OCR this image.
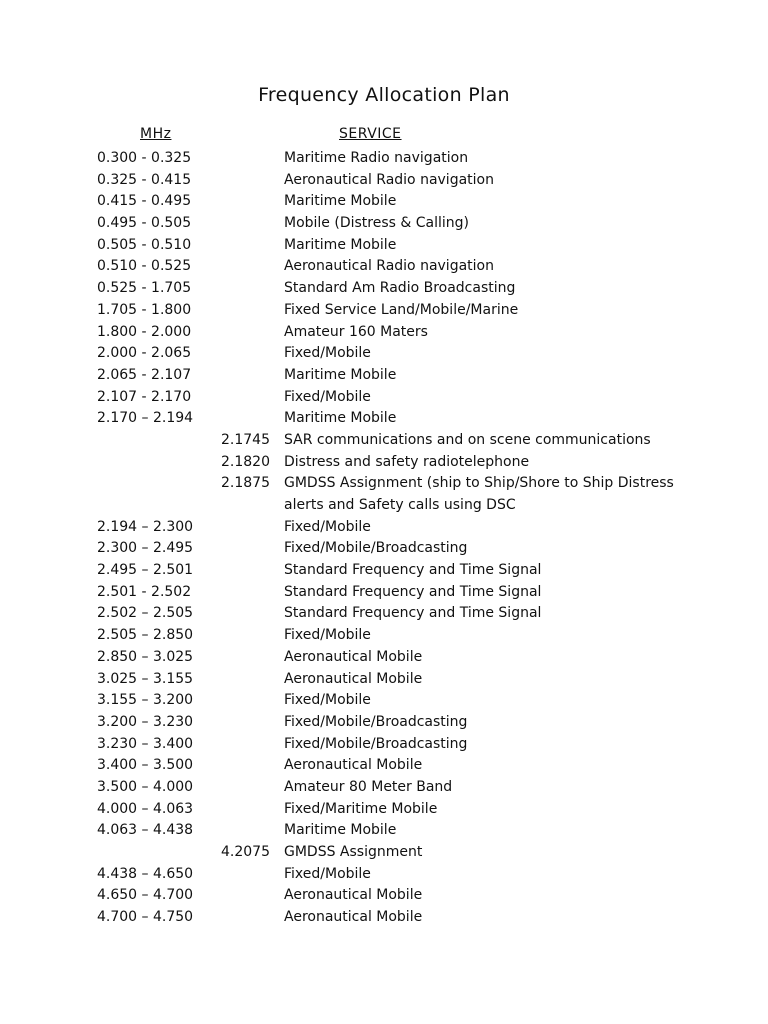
Frequency Allocation Plan
MHz	SERVICE
0.300 - 0.325	Maritime Radio navigation
0.325 - 0.415	Aeronautical Radio navigation
0.415 - 0.495	Maritime Mobile
0.495 - 0.505	Mobile (Distress & Calling)
0.505 - 0.510	Maritime Mobile
0.510 - 0.525	Aeronautical Radio navigation
0.525 - 1.705	Standard Am Radio Broadcasting
1.705 - 1.800	Fixed Service Land/Mobile/Marine
1.800 - 2.000	Amateur 160 Maters
2.000 - 2.065	Fixed/Mobile
2.065 - 2.107	Maritime Mobile
2.107 - 2.170	Fixed/Mobile
2.170 – 2.194	Maritime Mobile
2.1745 SAR communications and on scene communications
2.1820 Distress and safety radiotelephone
2.1875 GMDSS Assignment (ship to Ship/Shore to Ship Distress alerts and Safety calls using DSC
2.194 – 2.300	Fixed/Mobile
2.300 – 2.495	Fixed/Mobile/Broadcasting
2.495 – 2.501	Standard Frequency and Time Signal
2.501 - 2.502	Standard Frequency and Time Signal
2.502 – 2.505	Standard Frequency and Time Signal
2.505 – 2.850	Fixed/Mobile
2.850 – 3.025	Aeronautical Mobile
3.025 – 3.155	Aeronautical Mobile
3.155 – 3.200	Fixed/Mobile
3.200 – 3.230	Fixed/Mobile/Broadcasting
3.230 – 3.400	Fixed/Mobile/Broadcasting
3.400 – 3.500	Aeronautical Mobile
3.500 – 4.000	Amateur 80 Meter Band
4.000 – 4.063	Fixed/Maritime Mobile
4.063 – 4.438	Maritime Mobile
4.2075 GMDSS Assignment
4.438 – 4.650	Fixed/Mobile
4.650 – 4.700	Aeronautical Mobile
4.700 – 4.750	Aeronautical Mobile
